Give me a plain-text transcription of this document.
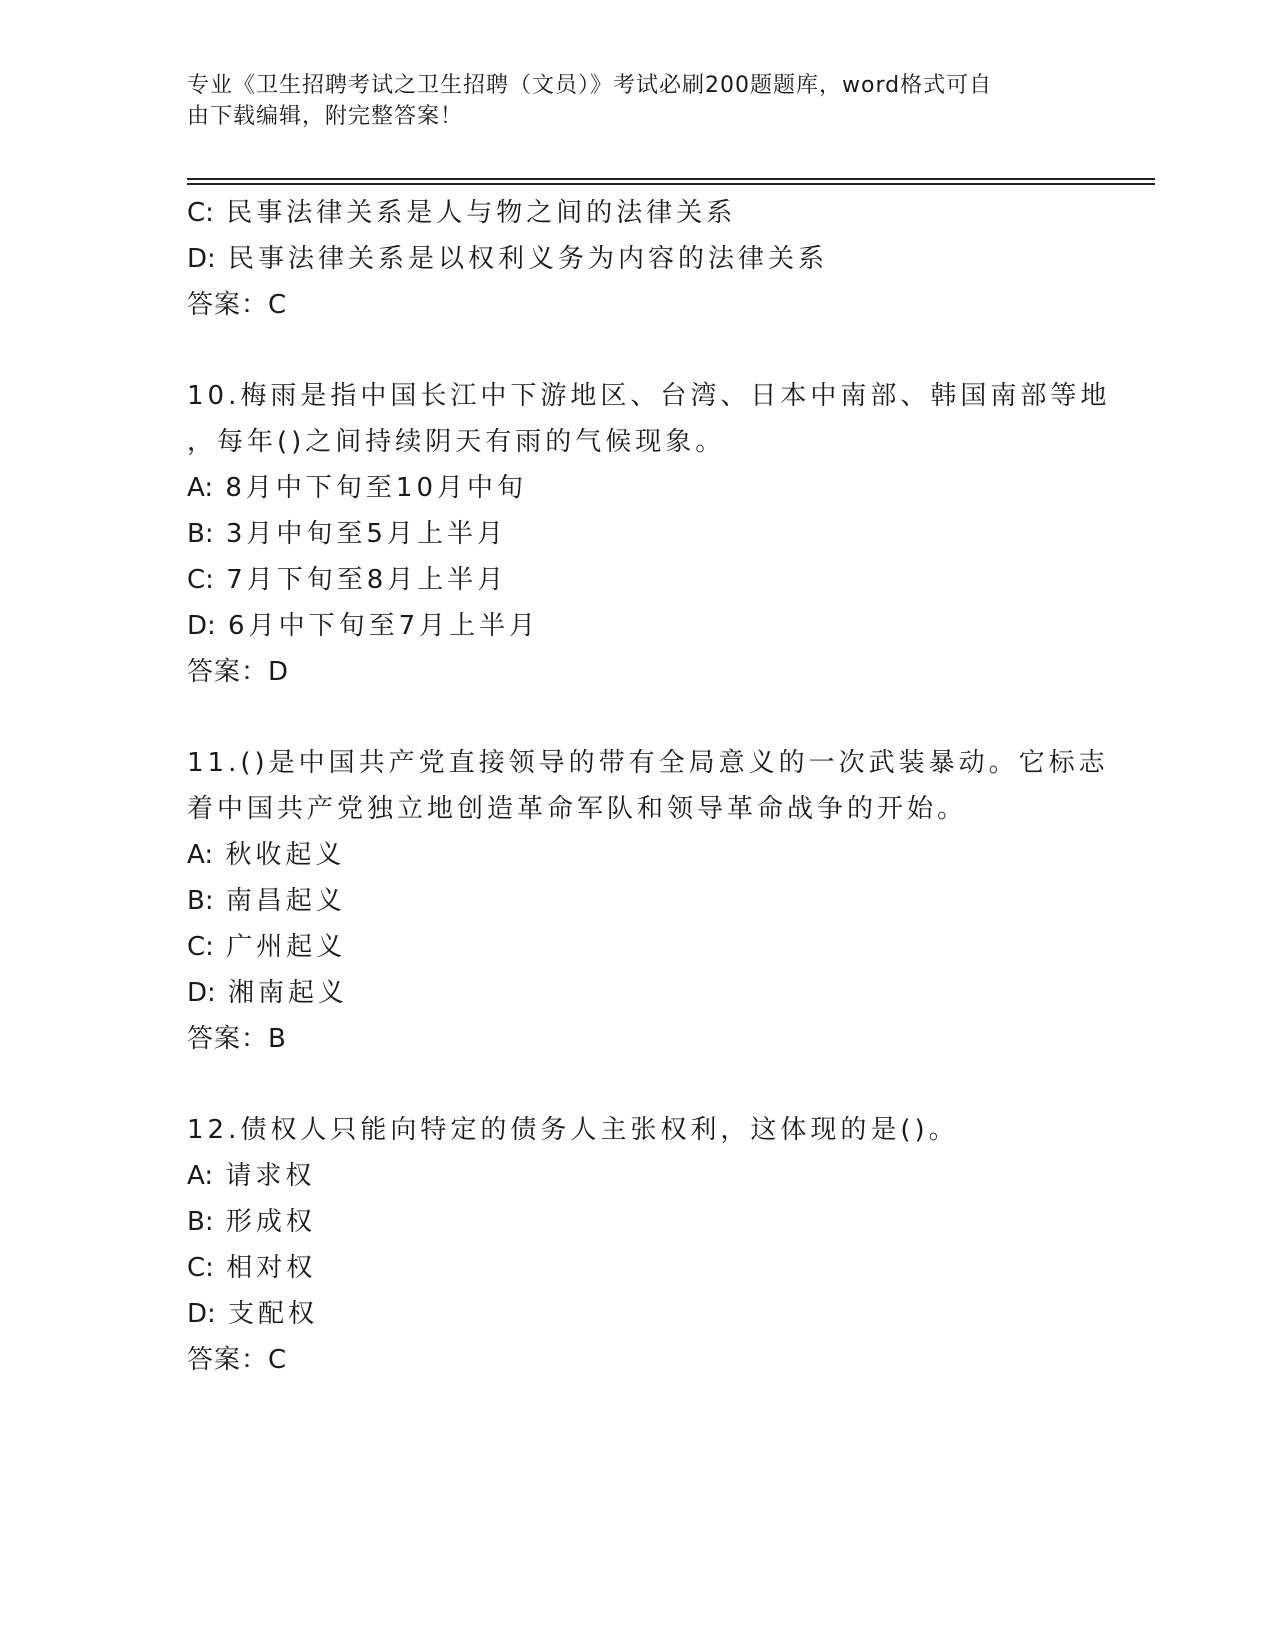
专业《卫生招聘考试之卫生招聘（文员）》考试必刷200题题库，word格式可自
由下载编辑，附完整答案！
C: 民事法律关系是人与物之间的法律关系
D: 民事法律关系是以权利义务为内容的法律关系
答案：C
10.梅雨是指中国长江中下游地区、台湾、日本中南部、韩国南部等地
，每年()之间持续阴天有雨的气候现象。
A: 8月中下旬至10月中旬
B: 3月中旬至5月上半月
C: 7月下旬至8月上半月
D: 6月中下旬至7月上半月
答案：D
11.()是中国共产党直接领导的带有全局意义的一次武装暴动。它标志
着中国共产党独立地创造革命军队和领导革命战争的开始。
A: 秋收起义
B: 南昌起义
C: 广州起义
D: 湘南起义
答案：B
12.债权人只能向特定的债务人主张权利，这体现的是()。
A: 请求权
B: 形成权
C: 相对权
D: 支配权
答案：C
